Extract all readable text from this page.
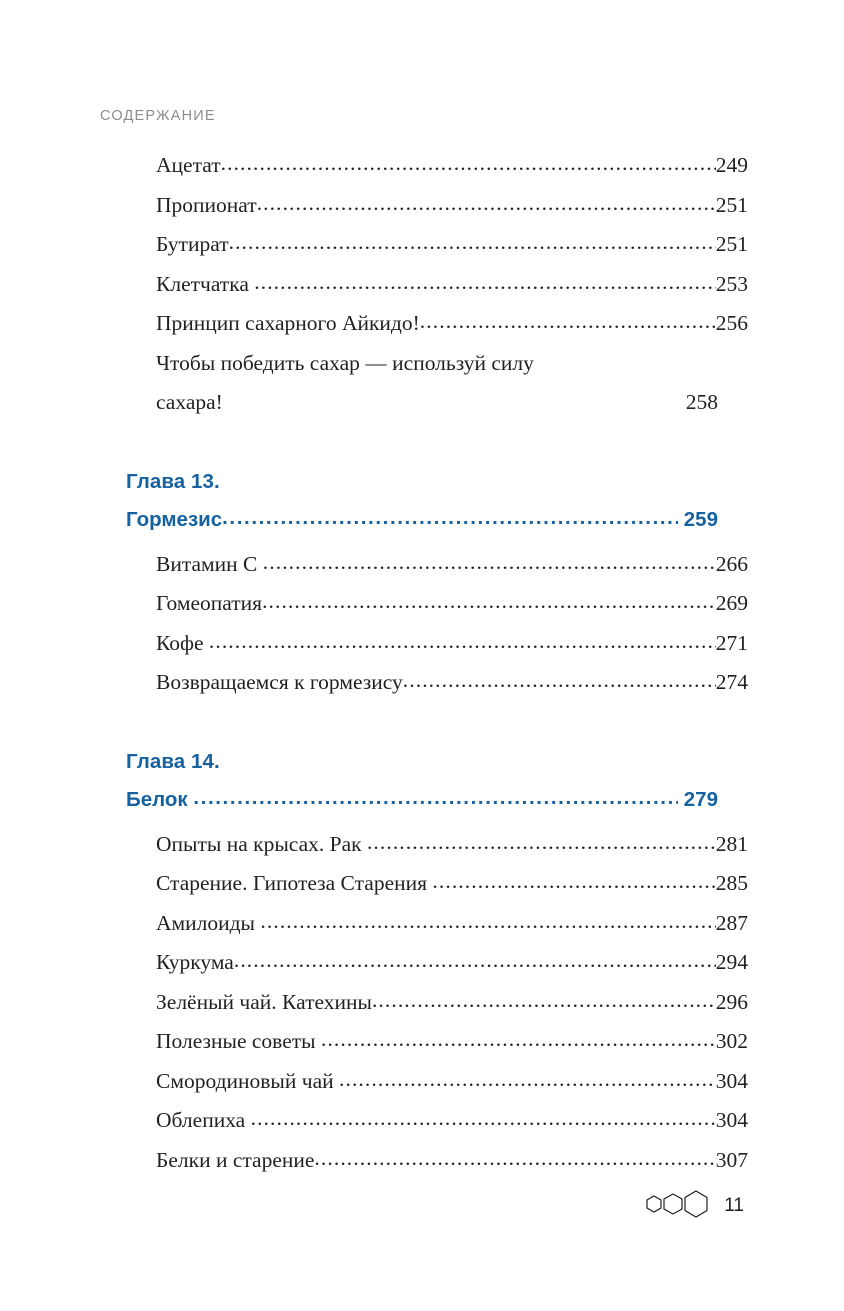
СОДЕРЖАНИЕ
Ацетат .....	249
Пропионат .....	251
Бутират .....	251
Клетчатка .....	253
Принцип сахарного Айкидо! .....	256
Чтобы победить сахар — используй силу
сахара!	258
Глава 13.
Гормезис .....	259
Витамин C .....	266
Гомеопатия .....	269
Кофе .....	271
Возвращаемся к гормезису .....	274
Глава 14.
Белок .....	279
Опыты на крысах. Рак .....	281
Старение. Гипотеза Старения .....	285
Амилоиды .....	287
Куркума .....	294
Зелёный чай. Катехины .....	296
Полезные советы .....	302
Смородиновый чай .....	304
Облепиха .....	304
Белки и старение .....	307
11
